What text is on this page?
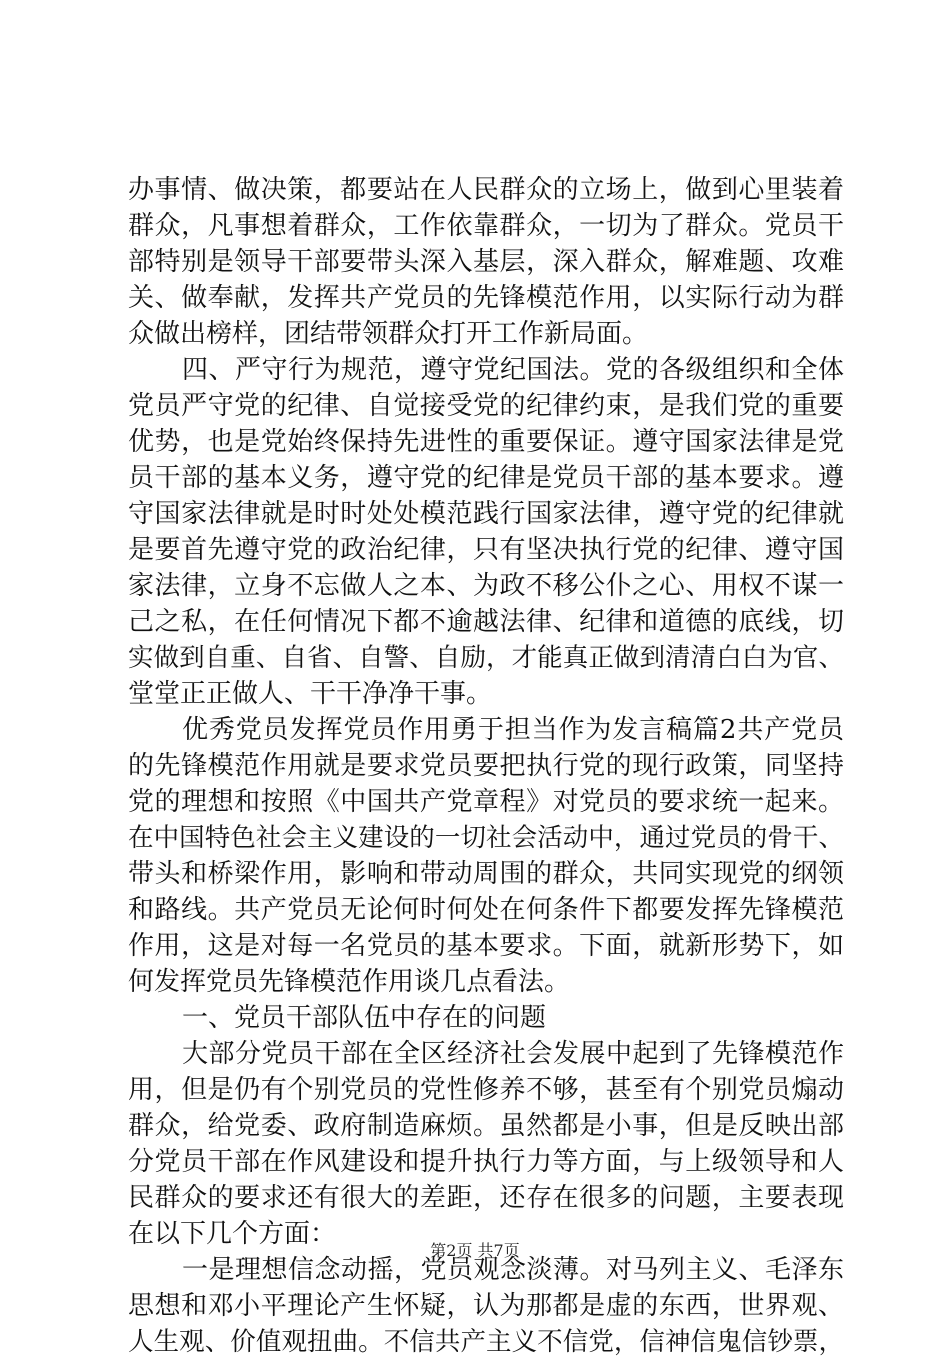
办事情、做决策，都要站在人民群众的立场上，做到心里装着
群众，凡事想着群众，工作依靠群众，一切为了群众。党员干
部特别是领导干部要带头深入基层，深入群众，解难题、攻难
关、做奉献，发挥共产党员的先锋模范作用，以实际行动为群
众做出榜样，团结带领群众打开工作新局面。
四、严守行为规范，遵守党纪国法。党的各级组织和全体
党员严守党的纪律、自觉接受党的纪律约束，是我们党的重要
优势，也是党始终保持先进性的重要保证。遵守国家法律是党
员干部的基本义务，遵守党的纪律是党员干部的基本要求。遵
守国家法律就是时时处处模范践行国家法律，遵守党的纪律就
是要首先遵守党的政治纪律，只有坚决执行党的纪律、遵守国
家法律，立身不忘做人之本、为政不移公仆之心、用权不谋一
己之私，在任何情况下都不逾越法律、纪律和道德的底线，切
实做到自重、自省、自警、自励，才能真正做到清清白白为官、
堂堂正正做人、干干净净干事。
优秀党员发挥党员作用勇于担当作为发言稿篇2共产党员
的先锋模范作用就是要求党员要把执行党的现行政策，同坚持
党的理想和按照《中国共产党章程》对党员的要求统一起来。
在中国特色社会主义建设的一切社会活动中，通过党员的骨干、
带头和桥梁作用，影响和带动周围的群众，共同实现党的纲领
和路线。共产党员无论何时何处在何条件下都要发挥先锋模范
作用，这是对每一名党员的基本要求。下面，就新形势下，如
何发挥党员先锋模范作用谈几点看法。
一、党员干部队伍中存在的问题
大部分党员干部在全区经济社会发展中起到了先锋模范作
用，但是仍有个别党员的党性修养不够，甚至有个别党员煽动
群众，给党委、政府制造麻烦。虽然都是小事，但是反映出部
分党员干部在作风建设和提升执行力等方面，与上级领导和人
民群众的要求还有很大的差距，还存在很多的问题，主要表现
在以下几个方面：
一是理想信念动摇，党员观念淡薄。对马列主义、毛泽东
思想和邓小平理论产生怀疑，认为那都是虚的东西，世界观、
人生观、价值观扭曲。不信共产主义不信党，信神信鬼信钞票，
第2页 共7页
